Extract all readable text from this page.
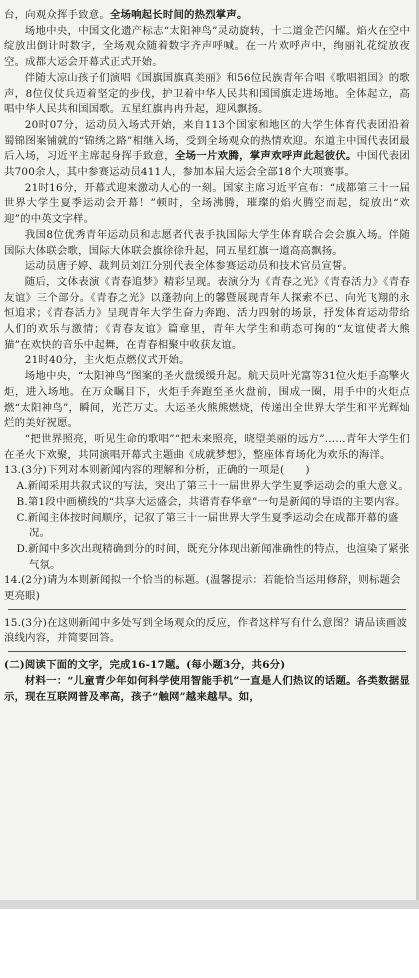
台，向观众挥手致意。全场响起长时间的热烈掌声。

场地中央，中国文化遗产标志“太阳神鸟”灵动旋转，十二道金芒闪耀。焰火在空中绽放出倒计时数字，全场观众随着数字齐声呼喊。在一片欢呼声中，绚丽礼花绽放夜空。成都大运会开幕式正式开始。

伴随大凉山孩子们演唱《国旗国旗真美丽》和56位民族青年合唱《歌唱祖国》的歌声，8位仪仗兵迈着坚定的步伐，护卫着中华人民共和国国旗走进场地。全体起立，高唱中华人民共和国国歌。五星红旗冉冉升起，迎风飘扬。

20时07分，运动员入场式开始，来自113个国家和地区的大学生体育代表团沿着蜀锦图案铺就的“锦绣之路”相继入场，受到全场观众的热情欢迎。东道主中国代表团最后入场，习近平主席起身挥手致意，全场一片欢腾，掌声欢呼声此起彼伏。中国代表团共700余人，其中参赛运动员411人，参加本届大运会全部18个大项赛事。

21时16分，开幕式迎来激动人心的一刻。国家主席习近平宣布：“成都第三十一届世界大学生夏季运动会开幕！”顿时，全场沸腾，璀璨的焰火腾空而起，绽放出“欢迎”的中英文字样。

我国8位优秀青年运动员和志愿者代表手执国际大学生体育联合会会旗入场。伴随国际大体联会歌，国际大体联会旗徐徐升起，同五星红旗一道高高飘扬。

运动员唐子婷、裁判员刘江分别代表全体参赛运动员和技术官员宣誓。

随后，文体表演《青春追梦》精彩呈现。表演分为《青春之光》《青春活力》《青春友谊》三个部分。《青春之光》以蓬勃向上的馨暨展现青年人探索不已、向光飞翔的永恒追求；《青春活力》呈现青年大学生奋力奔跑、活力四射的场景，抒发体育运动带给人们的欢乐与激情；《青春友谊》篇章里，青年大学生和萌态可掬的“友谊使者大熊猫”在欢快的音乐中起舞，在青春相聚中收获友谊。

21时40分，主火炬点燃仪式开始。

场地中央，“太阳神鸟”图案的圣火盘缓缓升起。航天员叶光富等31位火炬手高擎火炬，进入场地。在万众瞩目下，火炬手奔跑至圣火盘前，围成一圈，用手中的火炬点燃“太阳神鸟”，瞬间，光芒万丈。大运圣火熊熊燃烧，传递出全世界大学生和平光辉灿烂的美好祝愿。

“把世界照亮，听见生命的歌唱”“把未来照亮，晓望美丽的远方”……青年大学生们在圣火下欢聚，共同演唱开幕式主题曲《成就梦想》，整座体育场化为欢乐的海洋。

13.(3分)下列对本则新闻内容的理解和分析，正确的一项是(　　)

A.新闻采用共叙式议的写法，突出了第三十一届世界大学生夏季运动会的重大意义。

B.第1段中画横线的“共享大运盛会，共谱青春华章”一句是新闻的导语的主要内容。

C.新闻主体按时间顺序，记叙了第三十一届世界大学生夏季运动会在成都开幕的盛况。

D.新闻中多次出现精确到分的时间，既充分体现出新闻准确性的特点，也渲染了紧张气氛。

14.(2分)请为本则新闻拟一个恰当的标题。(温馨提示：若能恰当运用修辞，则标题会更亮眼)

15.(3分)在这则新闻中多处写到全场观众的反应，作者这样写有什么意图？请品读画波浪线内容，并简要回答。

(二)阅读下面的文字，完成16-17题。(每小题3分，共6分)

材料一：“儿童青少年如何科学使用智能手机”一直是人们热议的话题。各类数据显示，现在互联网普及率高，孩子“触网”越来越早。如，
